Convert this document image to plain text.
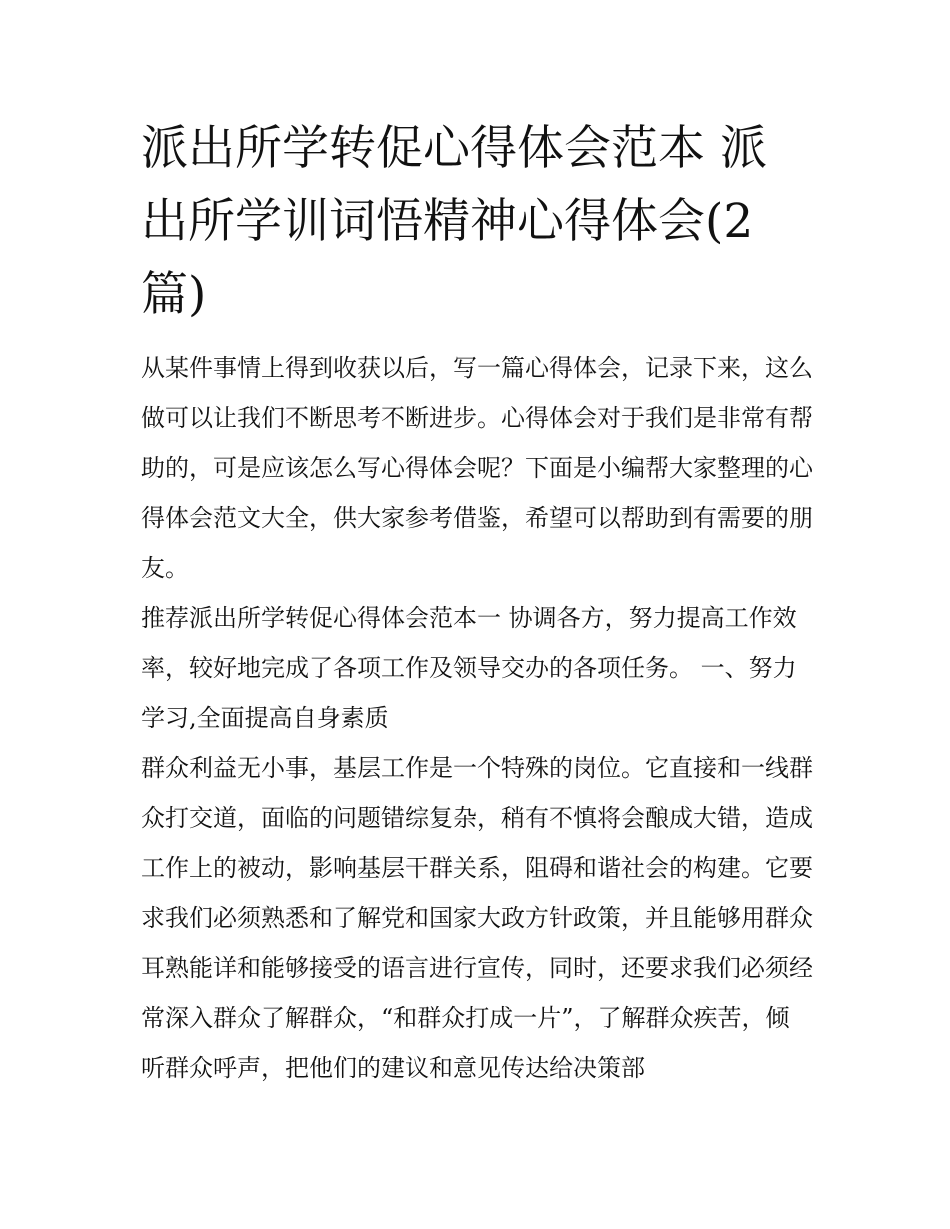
派出所学转促心得体会范本 派出所学训词悟精神心得体会(2篇)

从某件事情上得到收获以后，写一篇心得体会，记录下来，这么做可以让我们不断思考不断进步。心得体会对于我们是非常有帮助的，可是应该怎么写心得体会呢？下面是小编帮大家整理的心得体会范文大全，供大家参考借鉴，希望可以帮助到有需要的朋友。

推荐派出所学转促心得体会范本一 协调各方，努力提高工作效率，较好地完成了各项工作及领导交办的各项任务。 一、努力学习,全面提高自身素质

群众利益无小事，基层工作是一个特殊的岗位。它直接和一线群众打交道，面临的问题错综复杂，稍有不慎将会酿成大错，造成工作上的被动，影响基层干群关系，阻碍和谐社会的构建。它要求我们必须熟悉和了解党和国家大政方针政策，并且能够用群众耳熟能详和能够接受的语言进行宣传，同时，还要求我们必须经常深入群众了解群众，“和群众打成一片”，了解群众疾苦，倾听群众呼声，把他们的建议和意见传达给决策部
